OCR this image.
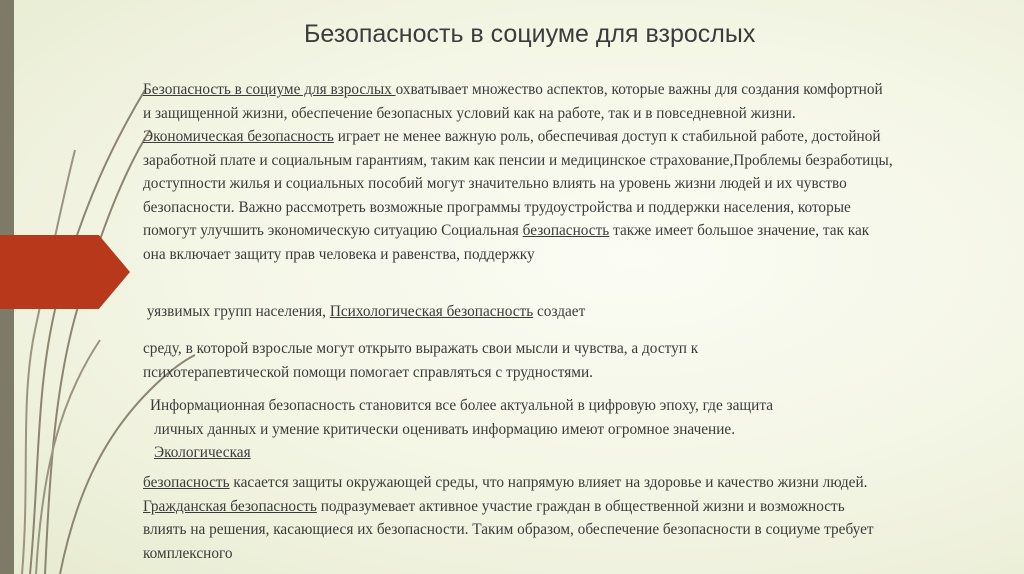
Безопасность в социуме для взрослых
Безопасность в социуме для взрослых охватывает множество аспектов, которые важны для создания комфортной и защищенной жизни, обеспечение безопасных условий как на работе, так и в повседневной жизни. Экономическая безопасность играет не менее важную роль, обеспечивая доступ к стабильной работе, достойной заработной плате и социальным гарантиям, таким как пенсии и медицинское страхование,Проблемы безработицы, доступности жилья и социальных пособий могут значительно влиять на уровень жизни людей и их чувство безопасности. Важно рассмотреть возможные программы трудоустройства и поддержки населения, которые помогут улучшить экономическую ситуацию Социальная безопасность также имеет большое значение, так как она включает защиту прав человека и равенства, поддержку
уязвимых групп населения, Психологическая безопасность создает
среду, в которой взрослые могут открыто выражать свои мысли и чувства, а доступ к
психотерапевтической помощи помогает справляться с трудностями.
Информационная безопасность становится все более актуальной в цифровую эпоху, где защита
личных данных и умение критически оценивать информацию имеют огромное значение.
Экологическая
безопасность касается защиты окружающей среды, что напрямую влияет на здоровье и качество жизни людей. Гражданская безопасность подразумевает активное участие граждан в общественной жизни и возможность влиять на решения, касающиеся их безопасности. Таким образом, обеспечение безопасности в социуме требует комплексного
